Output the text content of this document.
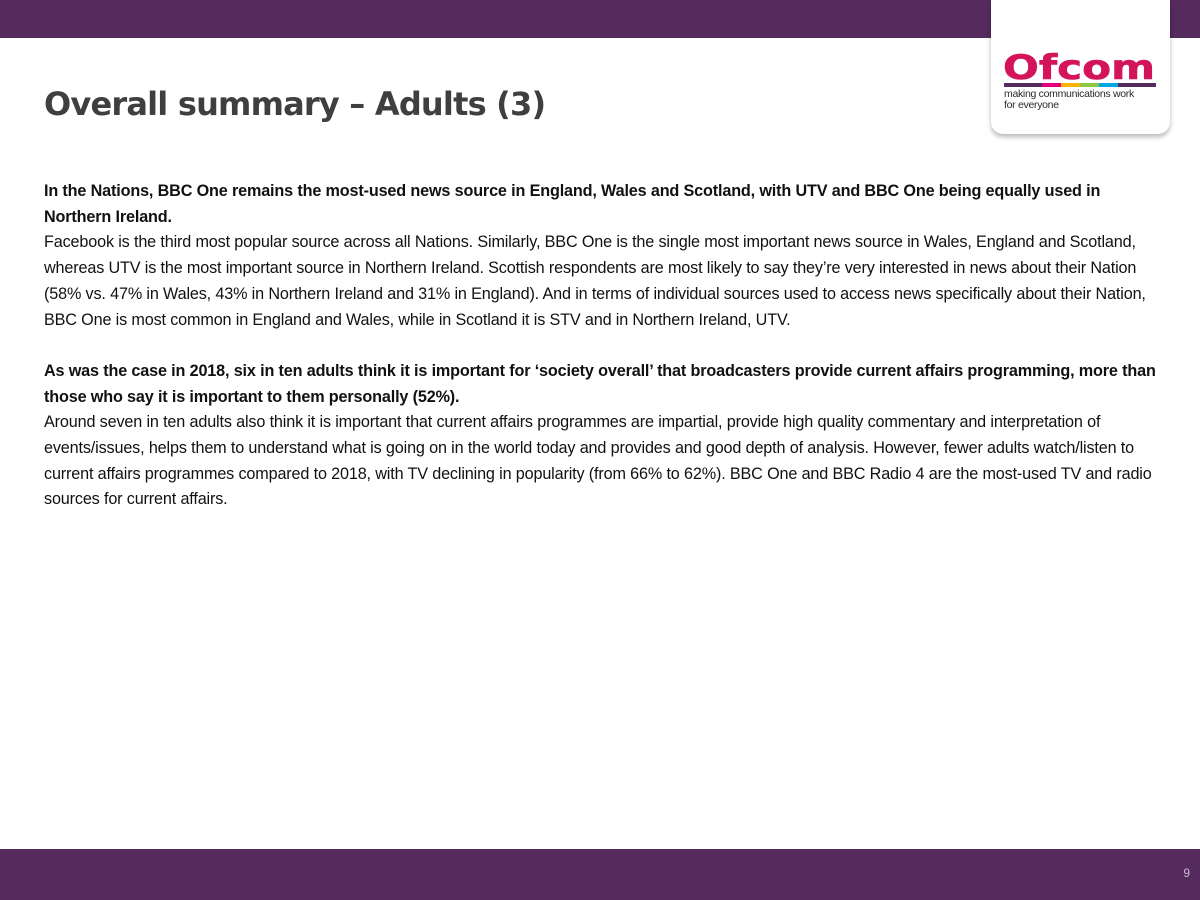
Ofcom
making communications work
for everyone
Overall summary – Adults (3)

In the Nations, BBC One remains the most-used news source in England, Wales and Scotland, with UTV and BBC One being equally used in Northern Ireland.

Facebook is the third most popular source across all Nations. Similarly, BBC One is the single most important news source in Wales, England and Scotland, whereas UTV is the most important source in Northern Ireland. Scottish respondents are most likely to say they’re very interested in news about their Nation (58% vs. 47% in Wales, 43% in Northern Ireland and 31% in England). And in terms of individual sources used to access news specifically about their Nation, BBC One is most common in England and Wales, while in Scotland it is STV and in Northern Ireland, UTV.

As was the case in 2018, six in ten adults think it is important for ‘society overall’ that broadcasters provide current affairs programming, more than those who say it is important to them personally (52%).

Around seven in ten adults also think it is important that current affairs programmes are impartial, provide high quality commentary and interpretation of events/issues, helps them to understand what is going on in the world today and provides and good depth of analysis. However, fewer adults watch/listen to current affairs programmes compared to 2018, with TV declining in popularity (from 66% to 62%). BBC One and BBC Radio 4 are the most-used TV and radio sources for current affairs.

9
